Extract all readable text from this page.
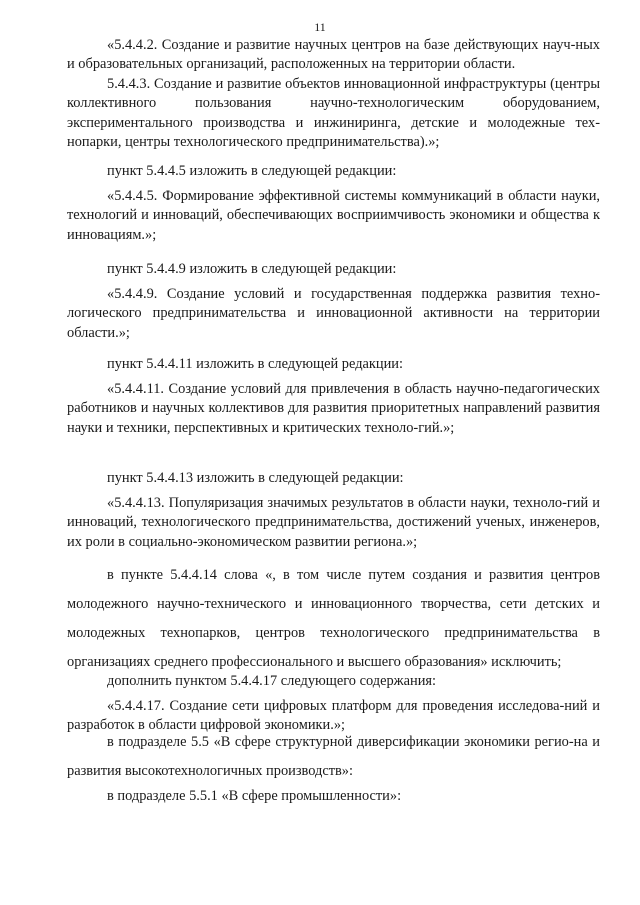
11

«5.4.4.2. Создание и развитие научных центров на базе действующих науч-ных и образовательных организаций, расположенных на территории области.

5.4.4.3. Создание и развитие объектов инновационной инфраструктуры (центры коллективного пользования научно-технологическим оборудованием, экспериментального производства и инжиниринга, детские и молодежные тех-нопарки, центры технологического предпринимательства).»;

пункт 5.4.4.5 изложить в следующей редакции:

«5.4.4.5. Формирование эффективной системы коммуникаций в области науки, технологий и инноваций, обеспечивающих восприимчивость экономики и общества к инновациям.»;

пункт 5.4.4.9 изложить в следующей редакции:

«5.4.4.9. Создание условий и государственная поддержка развития техно-логического предпринимательства и инновационной активности на территории области.»;

пункт 5.4.4.11 изложить в следующей редакции:

«5.4.4.11. Создание условий для привлечения в область научно-педагогических работников и научных коллективов для развития приоритетных направлений развития науки и техники, перспективных и критических техноло-гий.»;

пункт 5.4.4.13 изложить в следующей редакции:

«5.4.4.13. Популяризация значимых результатов в области науки, техноло-гий и инноваций, технологического предпринимательства, достижений ученых, инженеров, их роли в социально-экономическом развитии региона.»;

в пункте 5.4.4.14 слова «, в том числе путем создания и развития центров молодежного научно-технического и инновационного творчества, сети детских и молодежных технопарков, центров технологического предпринимательства в организациях среднего профессионального и высшего образования» исключить;

дополнить пунктом 5.4.4.17 следующего содержания:

«5.4.4.17. Создание сети цифровых платформ для проведения исследова-ний и разработок в области цифровой экономики.»;

в подразделе 5.5 «В сфере структурной диверсификации экономики регио-на и развития высокотехнологичных производств»:

в подразделе 5.5.1 «В сфере промышленности»:
